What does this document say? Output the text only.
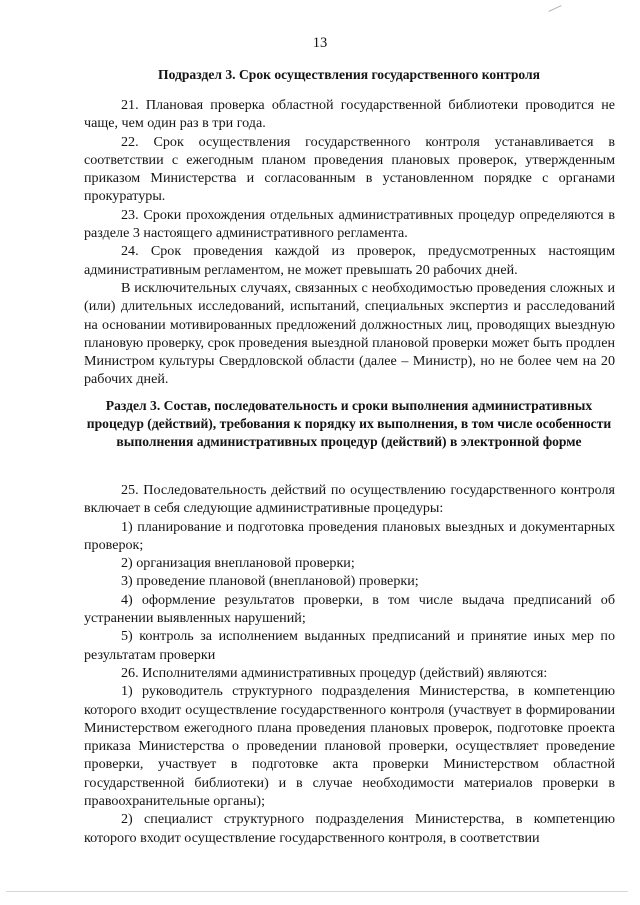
13
Подраздел 3. Срок осуществления государственного контроля

21. Плановая проверка областной государственной библиотеки проводится не чаще, чем один раз в три года.

22. Срок осуществления государственного контроля устанавливается в соответствии с ежегодным планом проведения плановых проверок, утвержденным приказом Министерства и согласованным в установленном порядке с органами прокуратуры.

23. Сроки прохождения отдельных административных процедур определяются в разделе 3 настоящего административного регламента.

24. Срок проведения каждой из проверок, предусмотренных настоящим административным регламентом, не может превышать 20 рабочих дней.

В исключительных случаях, связанных с необходимостью проведения сложных и (или) длительных исследований, испытаний, специальных экспертиз и расследований на основании мотивированных предложений должностных лиц, проводящих выездную плановую проверку, срок проведения выездной плановой проверки может быть продлен Министром культуры Свердловской области (далее – Министр), но не более чем на 20 рабочих дней.

Раздел 3. Состав, последовательность и сроки выполнения административных процедур (действий), требования к порядку их выполнения, в том числе особенности выполнения административных процедур (действий) в электронной форме

25. Последовательность действий по осуществлению государственного контроля включает в себя следующие административные процедуры:

1) планирование и подготовка проведения плановых выездных и документарных проверок;

2) организация внеплановой проверки;

3) проведение плановой (внеплановой) проверки;

4) оформление результатов проверки, в том числе выдача предписаний об устранении выявленных нарушений;

5) контроль за исполнением выданных предписаний и принятие иных мер по результатам проверки

26. Исполнителями административных процедур (действий) являются:

1) руководитель структурного подразделения Министерства, в компетенцию которого входит осуществление государственного контроля (участвует в формировании Министерством ежегодного плана проведения плановых проверок, подготовке проекта приказа Министерства о проведении плановой проверки, осуществляет проведение проверки, участвует в подготовке акта проверки Министерством областной государственной библиотеки) и в случае необходимости материалов проверки в правоохранительные органы);

2) специалист структурного подразделения Министерства, в компетенцию которого входит осуществление государственного контроля, в соответствии
